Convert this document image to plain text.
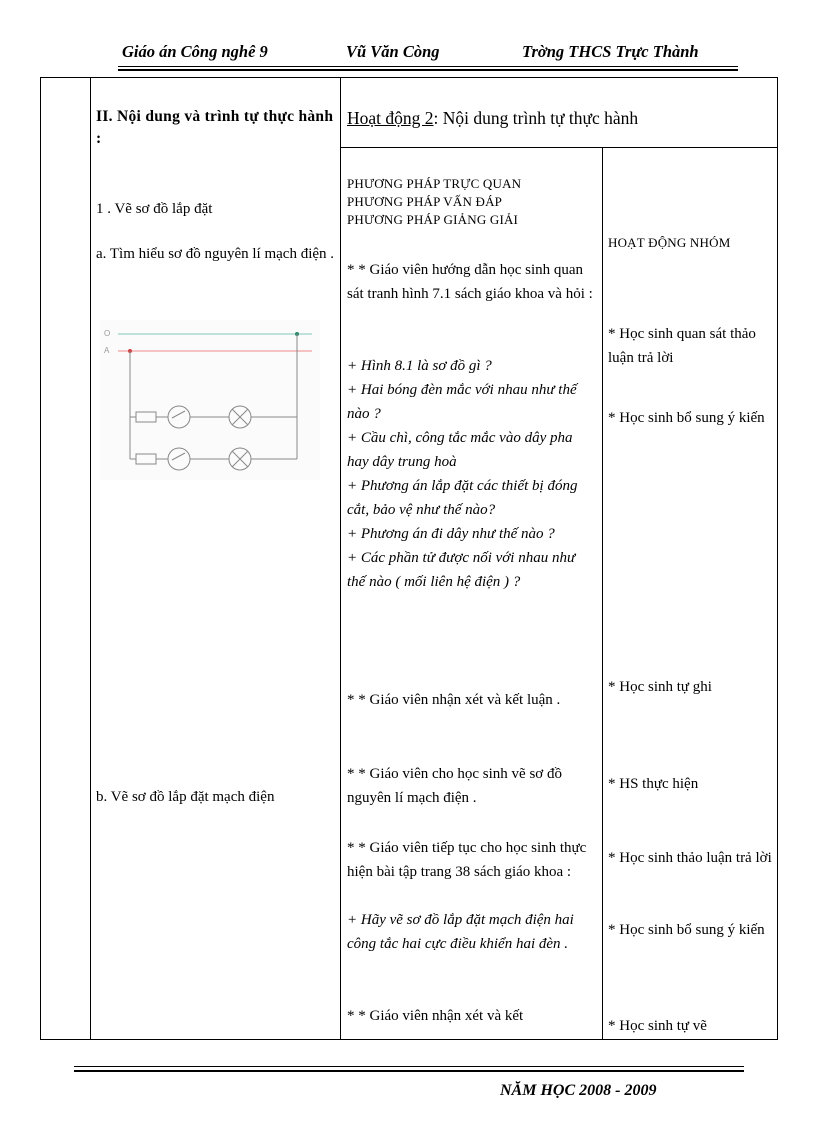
Giáo án Công nghê 9	Vũ Văn Còng	Trờng THCS Trực Thành
II. Nội dung và trình tự thực hành :
1 . Vẽ sơ đồ lắp đặt
a. Tìm hiểu sơ đồ nguyên lí mạch điện .
O
A
b. Vẽ sơ đồ lắp đặt mạch điện
Hoạt động 2: Nội dung trình tự thực hành
PHƯƠNG PHÁP TRỰC QUAN
PHƯƠNG PHÁP VẤN ĐÁP
PHƯƠNG PHÁP GIẢNG GIẢI
* * Giáo viên hướng dẫn học sinh quan sát tranh hình 7.1 sách giáo khoa và hỏi :
+ Hình 8.1 là sơ đồ gì ?
+ Hai bóng đèn mắc với nhau như thế nào ?
+ Cầu chì, công tắc mắc vào dây pha hay dây trung hoà
+ Phương án lắp đặt các thiết bị đóng cắt, bảo vệ như thế nào?
+ Phương án đi dây như thế nào ?
+ Các phần tử được nối với nhau như thế nào ( mối liên hệ điện ) ?
* * Giáo viên nhận xét và kết luận .
* * Giáo viên cho học sinh vẽ sơ đồ nguyên lí mạch điện .
* * Giáo viên tiếp tục cho học sinh thực hiện bài tập trang 38 sách giáo khoa :
+ Hãy vẽ sơ đồ lắp đặt mạch điện hai công tắc hai cực điều khiển hai đèn .
* * Giáo viên nhận xét và kết
HOẠT ĐỘNG NHÓM
* Học sinh quan sát thảo luận trả lời
* Học sinh bổ sung ý kiến
* Học sinh tự ghi
* HS thực hiện
* Học sinh thảo luận trả lời
* Học sinh bổ sung ý kiến
* Học sinh tự vẽ
NĂM HỌC 2008 - 2009
